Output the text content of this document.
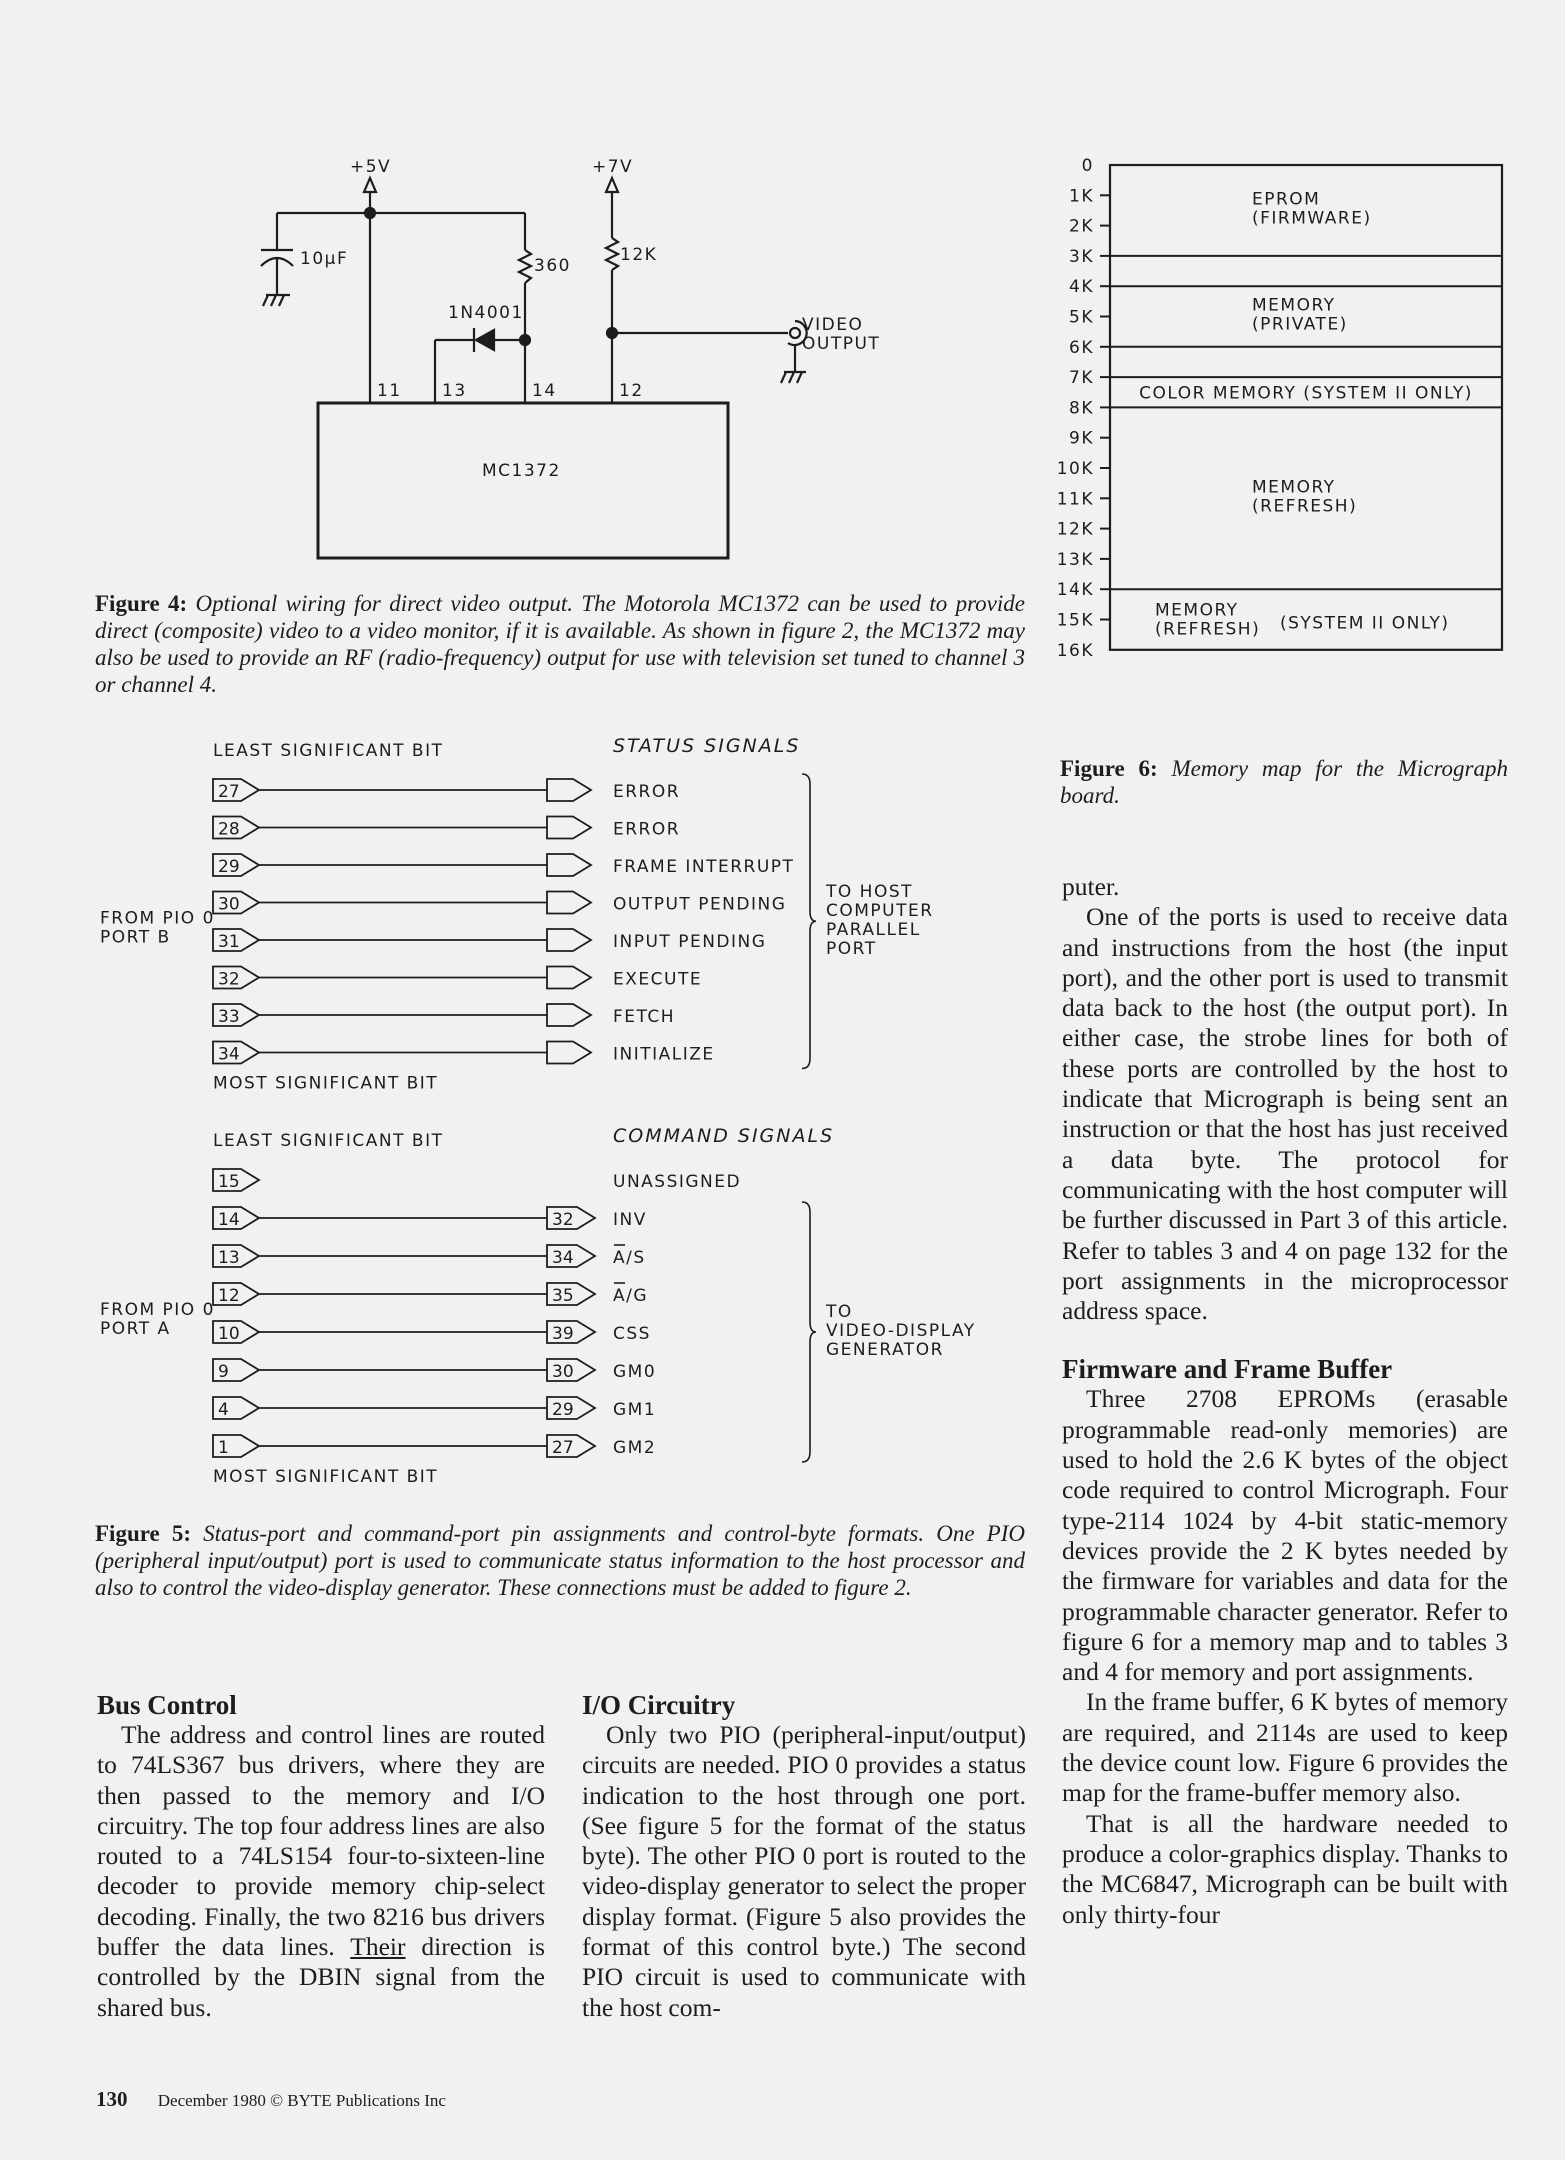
+5V	+7V
10µF	360
12K
1N4001
VIDEO
OUTPUT
11 13	14	12
MC1372
Figure 4: Optional wiring for direct video output. The Motorola MC1372 can be used to provide direct (composite) video to a video monitor, if it is available. As shown in figure 2, the MC1372 may also be used to provide an RF (radio-frequency) output for use with television set tuned to channel 3 or channel 4.
0
1K
2K
3K
4K
5K
6K
7K
8K
9K
10K
11K
12K
13K
14K
15K
16K
EPROM
(FIRMWARE)
MEMORY
(PRIVATE)
COLOR MEMORY (SYSTEM II ONLY)
MEMORY
(REFRESH)
MEMORY
(REFRESH) (SYSTEM II ONLY)
Figure 6: Memory map for the Micrograph board.
LEAST SIGNIFICANT BIT	STATUS SIGNALS
27	ERROR
28	ERROR
29	FRAME INTERRUPT
30	OUTPUT PENDING
31	INPUT PENDING
32	EXECUTE
33	FETCH
34	INITIALIZE
MOST SIGNIFICANT BIT
FROM PIO 0
PORT B
TO HOST
COMPUTER
PARALLEL
PORT
LEAST SIGNIFICANT BIT	COMMAND SIGNALS
15	UNASSIGNED
14	32 INV
13	34 A/S
12	35 A/G
10	39 CSS
9	30 GM0
4	29 GM1
1	27 GM2
MOST SIGNIFICANT BIT
FROM PIO 0
PORT A
TO
VIDEO-DISPLAY
GENERATOR
Figure 5: Status-port and command-port pin assignments and control-byte formats. One PIO (peripheral input/output) port is used to communicate status information to the host processor and also to control the video-display generator. These connections must be added to figure 2.
Bus Control

The address and control lines are routed to 74LS367 bus drivers, where they are then passed to the memory and I/O circuitry. The top four address lines are also routed to a 74LS154 four-to-sixteen-line decoder to provide memory chip-select decoding. Finally, the two 8216 bus drivers buffer the data lines. Their direction is controlled by the DBIN signal from the shared bus.

I/O Circuitry

Only two PIO (peripheral-input/output) circuits are needed. PIO 0 provides a status indication to the host through one port. (See figure 5 for the format of the status byte). The other PIO 0 port is routed to the video-display generator to select the proper display format. (Figure 5 also provides the format of this control byte.) The second PIO circuit is used to communicate with the host com-

puter.

One of the ports is used to receive data and instructions from the host (the input port), and the other port is used to transmit data back to the host (the output port). In either case, the strobe lines for both of these ports are controlled by the host to indicate that Micrograph is being sent an instruction or that the host has just received a data byte. The protocol for communicating with the host computer will be further discussed in Part 3 of this article. Refer to tables 3 and 4 on page 132 for the port assignments in the microprocessor address space.

Firmware and Frame Buffer

Three 2708 EPROMs (erasable programmable read-only memories) are used to hold the 2.6 K bytes of the object code required to control Micrograph. Four type-2114 1024 by 4-bit static-memory devices provide the 2 K bytes needed by the firmware for variables and data for the programmable character generator. Refer to figure 6 for a memory map and to tables 3 and 4 for memory and port assignments.

In the frame buffer, 6 K bytes of memory are required, and 2114s are used to keep the device count low. Figure 6 provides the map for the frame-buffer memory also.

That is all the hardware needed to produce a color-graphics display. Thanks to the MC6847, Micrograph can be built with only thirty-four

130 December 1980 © BYTE Publications Inc
